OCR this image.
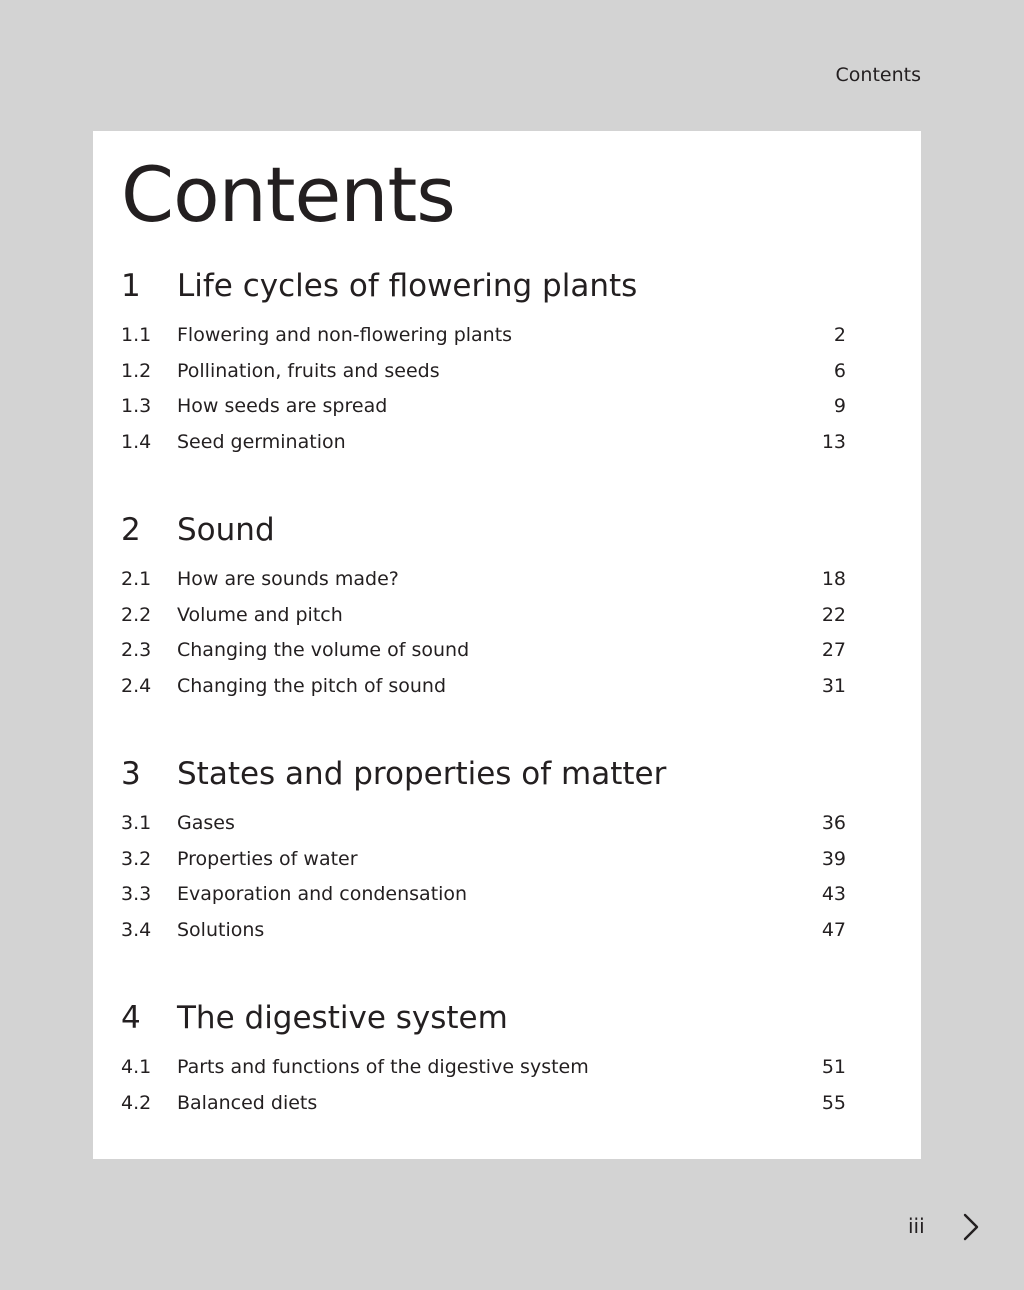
Contents
Contents
1 Life cycles of flowering plants
1.1 Flowering and non-flowering plants	2
1.2 Pollination, fruits and seeds	6
1.3 How seeds are spread	9
1.4 Seed germination	13
2 Sound
2.1 How are sounds made?	18
2.2 Volume and pitch	22
2.3 Changing the volume of sound	27
2.4 Changing the pitch of sound	31
3 States and properties of matter
3.1 Gases	36
3.2 Properties of water	39
3.3 Evaporation and condensation	43
3.4 Solutions	47
4 The digestive system
4.1 Parts and functions of the digestive system	51
4.2 Balanced diets	55
iii
